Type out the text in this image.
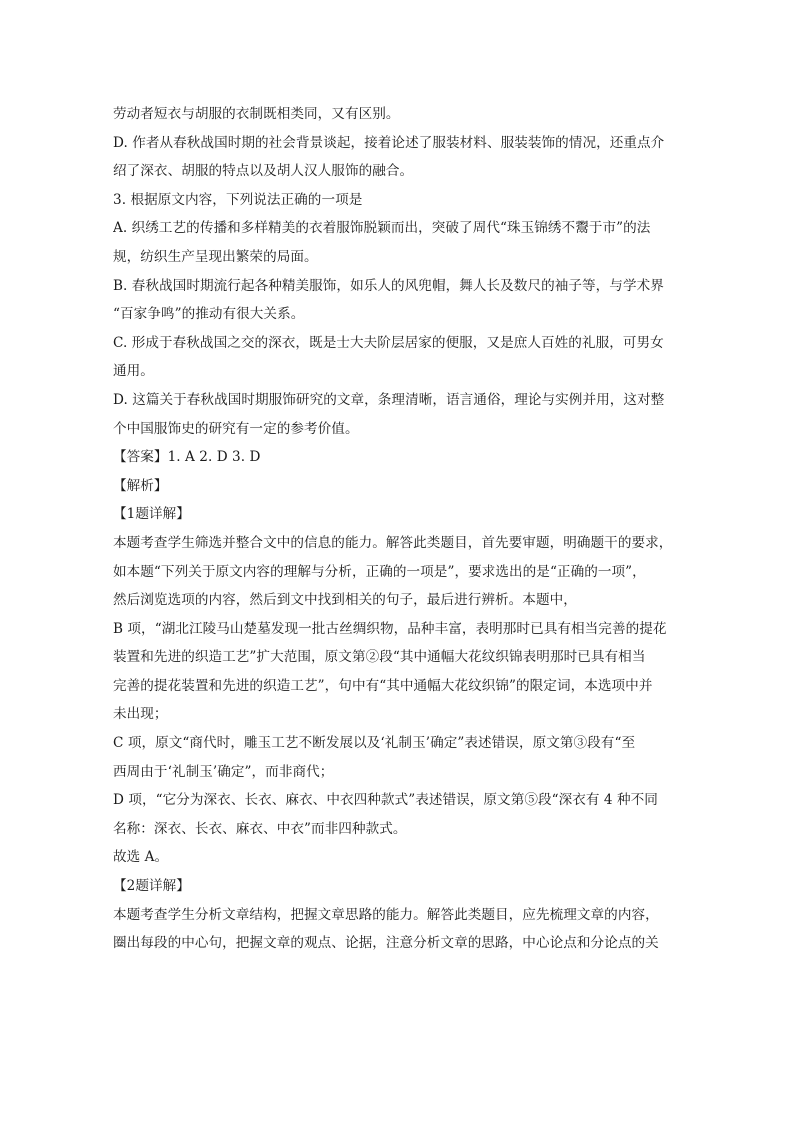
劳动者短衣与胡服的衣制既相类同，又有区别。
D. 作者从春秋战国时期的社会背景谈起，接着论述了服装材料、服装装饰的情况，还重点介
绍了深衣、胡服的特点以及胡人汉人服饰的融合。
3. 根据原文内容，下列说法正确的一项是
A. 织绣工艺的传播和多样精美的衣着服饰脱颖而出，突破了周代“珠玉锦绣不鬻于市”的法
规，纺织生产呈现出繁荣的局面。
B. 春秋战国时期流行起各种精美服饰，如乐人的风兜帽，舞人长及数尺的袖子等，与学术界
“百家争鸣”的推动有很大关系。
C. 形成于春秋战国之交的深衣，既是士大夫阶层居家的便服，又是庶人百姓的礼服，可男女
通用。
D. 这篇关于春秋战国时期服饰研究的文章，条理清晰，语言通俗，理论与实例并用，这对整
个中国服饰史的研究有一定的参考价值。
【答案】1. A 2. D 3. D
【解析】
【1题详解】
本题考查学生筛选并整合文中的信息的能力。解答此类题目，首先要审题，明确题干的要求，
如本题“下列关于原文内容的理解与分析，正确的一项是”，要求选出的是“正确的一项”，
然后浏览选项的内容，然后到文中找到相关的句子，最后进行辨析。本题中，
B 项，“湖北江陵马山楚墓发现一批古丝绸织物，品种丰富，表明那时已具有相当完善的提花
装置和先进的织造工艺”扩大范围，原文第②段“其中通幅大花纹织锦表明那时已具有相当
完善的提花装置和先进的织造工艺”，句中有“其中通幅大花纹织锦”的限定词，本选项中并
未出现；
C 项，原文“商代时，雕玉工艺不断发展以及‘礼制玉’确定”表述错误，原文第③段有“至
西周由于‘礼制玉’确定”，而非商代；
D 项，“它分为深衣、长衣、麻衣、中衣四种款式”表述错误，原文第⑤段“深衣有 4 种不同
名称：深衣、长衣、麻衣、中衣”而非四种款式。
故选 A。
【2题详解】
本题考查学生分析文章结构，把握文章思路的能力。解答此类题目，应先梳理文章的内容，
圈出每段的中心句，把握文章的观点、论据，注意分析文章的思路，中心论点和分论点的关
